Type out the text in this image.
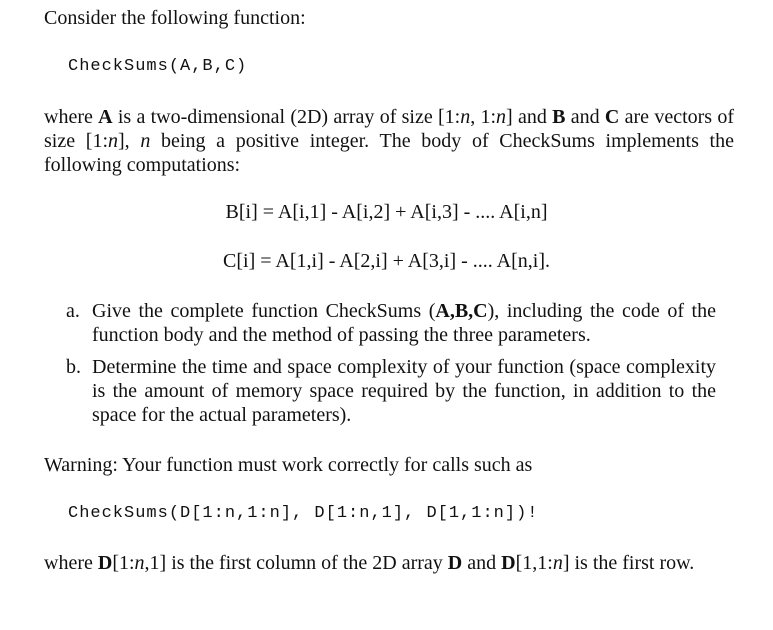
Consider the following function:
CheckSums(A,B,C)
where A is a two-dimensional (2D) array of size [1:n, 1:n] and B and C are vectors of size [1:n], n being a positive integer. The body of CheckSums implements the following computations:
B[i] = A[i,1] - A[i,2] + A[i,3] - .... A[i,n]
C[i] = A[1,i] - A[2,i] + A[3,i] - .... A[n,i].
a. Give the complete function CheckSums (A,B,C), including the code of the function body and the method of passing the three parameters.
b. Determine the time and space complexity of your function (space complexity is the amount of memory space required by the function, in addition to the space for the actual parameters).
Warning: Your function must work correctly for calls such as
CheckSums(D[1:n,1:n], D[1:n,1], D[1,1:n])!
where D[1:n,1] is the first column of the 2D array D and D[1,1:n] is the first row.
